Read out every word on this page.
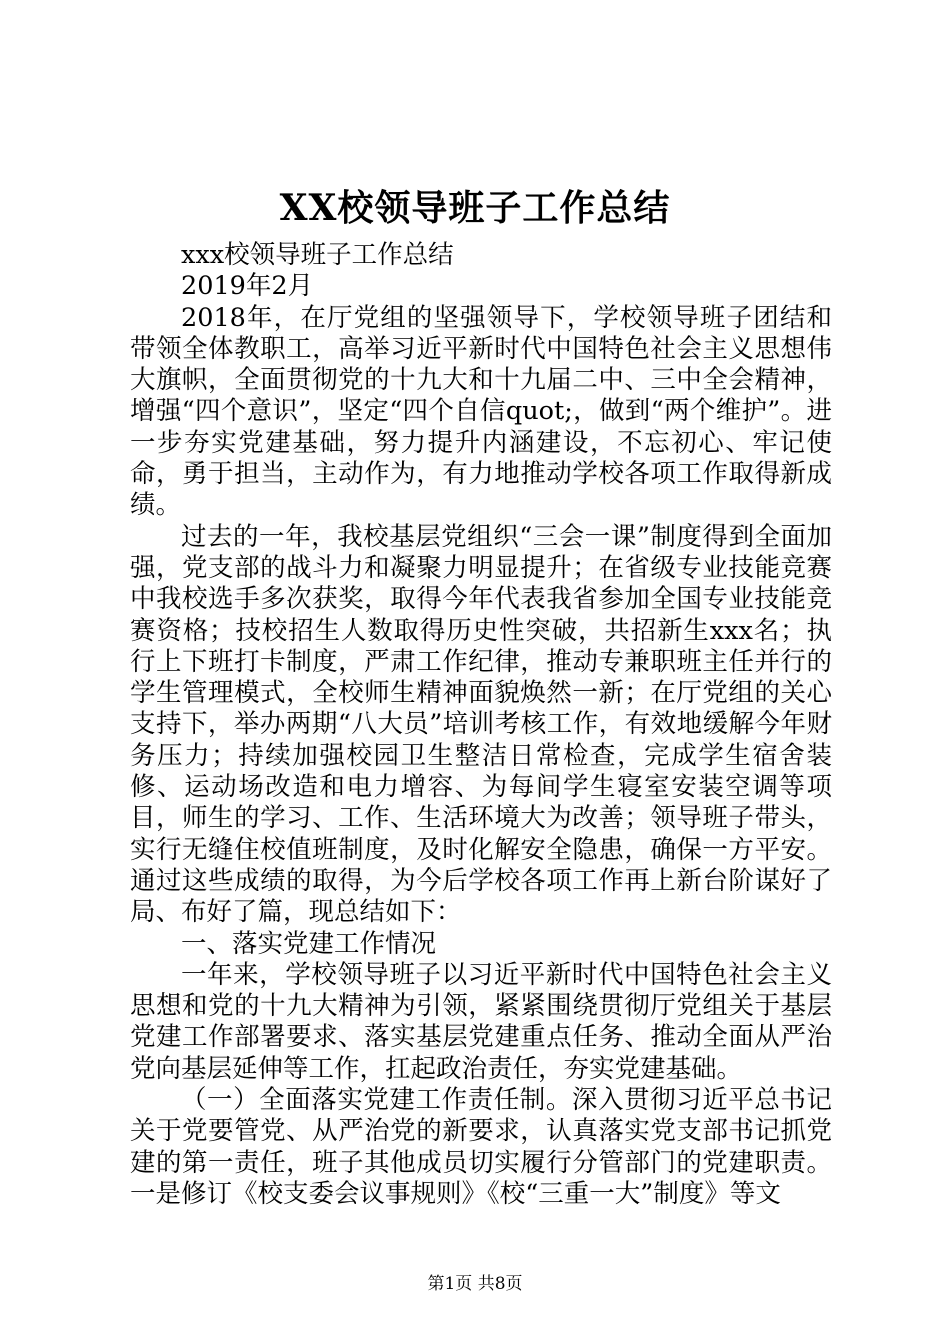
XX校领导班子工作总结

xxx校领导班子工作总结

2019年2月

2018年，在厅党组的坚强领导下，学校领导班子团结和带领全体教职工，高举习近平新时代中国特色社会主义思想伟大旗帜，全面贯彻党的十九大和十九届二中、三中全会精神，增强“四个意识”，坚定“四个自信quot;，做到“两个维护”。进一步夯实党建基础，努力提升内涵建设，不忘初心、牢记使命，勇于担当，主动作为，有力地推动学校各项工作取得新成绩。

过去的一年，我校基层党组织“三会一课”制度得到全面加强，党支部的战斗力和凝聚力明显提升；在省级专业技能竞赛中我校选手多次获奖，取得今年代表我省参加全国专业技能竞赛资格；技校招生人数取得历史性突破，共招新生xxx名；执行上下班打卡制度，严肃工作纪律，推动专兼职班主任并行的学生管理模式，全校师生精神面貌焕然一新；在厅党组的关心支持下，举办两期“八大员”培训考核工作，有效地缓解今年财务压力；持续加强校园卫生整洁日常检查，完成学生宿舍装修、运动场改造和电力增容、为每间学生寝室安装空调等项目，师生的学习、工作、生活环境大为改善；领导班子带头，实行无缝住校值班制度，及时化解安全隐患，确保一方平安。通过这些成绩的取得，为今后学校各项工作再上新台阶谋好了局、布好了篇，现总结如下：

一、落实党建工作情况

一年来，学校领导班子以习近平新时代中国特色社会主义思想和党的十九大精神为引领，紧紧围绕贯彻厅党组关于基层党建工作部署要求、落实基层党建重点任务、推动全面从严治党向基层延伸等工作，扛起政治责任，夯实党建基础。

（一）全面落实党建工作责任制。深入贯彻习近平总书记关于党要管党、从严治党的新要求，认真落实党支部书记抓党建的第一责任，班子其他成员切实履行分管部门的党建职责。一是修订《校支委会议事规则》《校“三重一大”制度》等文

第1页 共8页
